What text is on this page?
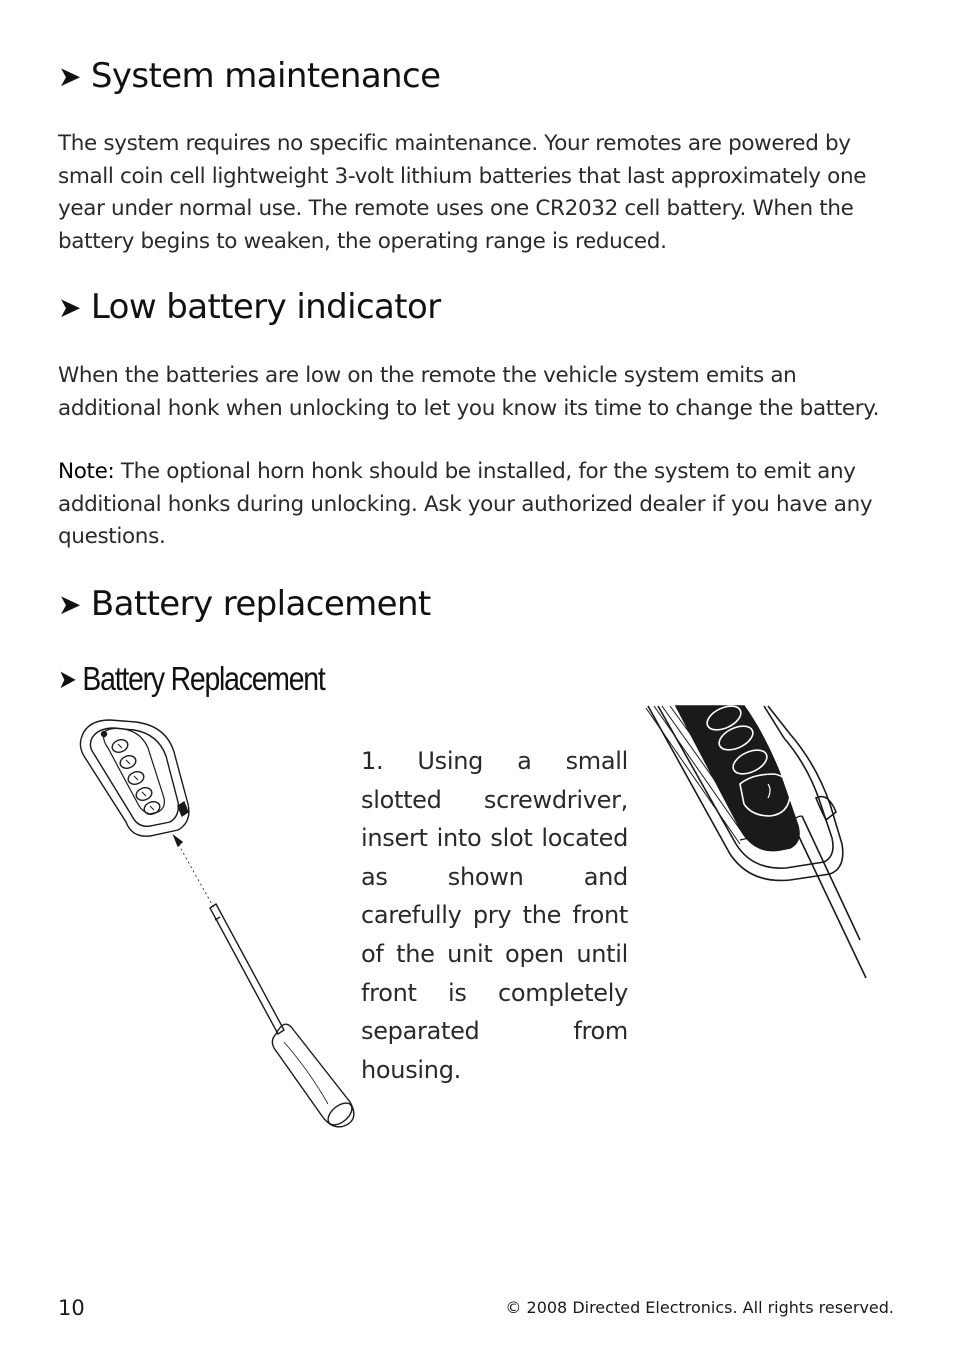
➤ System maintenance

The system requires no specific maintenance. Your remotes are powered by small coin cell lightweight 3-volt lithium batteries that last approximately one year under normal use. The remote uses one CR2032 cell battery. When the battery begins to weaken, the operating range is reduced.

➤ Low battery indicator

When the batteries are low on the remote the vehicle system emits an additional honk when unlocking to let you know its time to change the battery.

Note: The optional horn honk should be installed, for the system to emit any additional honks during unlocking. Ask your authorized dealer if you have any questions.

➤ Battery replacement
➤ Battery Replacement

1. Using a small slotted screwdriver, insert into slot located as shown and carefully pry the front of the unit open until front is completely separated from housing.

10	© 2008 Directed Electronics. All rights reserved.
